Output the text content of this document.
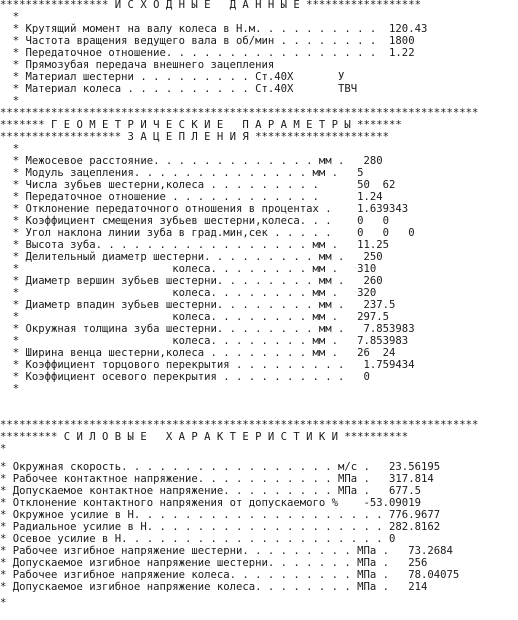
***************** И С Х О Д Н Ы Е   Д А Н Н Ы Е ******************
*
* Крутящий момент на валу колеса в Н.м. . . . . . . . . .  120.43
* Частота вращения ведущего вала в об/мин . . . . . . . .  1800
* Передаточное отношение. . . . . . . . . . . . . . . . .  1.22
* Прямозубая передача внешнего зацепления
* Материал шестерни . . . . . . . . . Ст.40Х       У
* Материал колеса . . . . . . . . . . Ст.40Х       ТВЧ
*
***************************************************************************
******* Г Е О М Е Т Р И Ч Е С К И Е   П А Р А М Е Т Р Ы *******
******************* З А Ц Е П Л Е Н И Я *********************
*
* Межосевое расстояние. . . . . . . . . . . . . мм .   280
* Модуль зацепления. . . . . . . . . . . . . . мм .   5
* Числа зубьев шестерни,колеса . . . . . . . . .      50  62
* Передаточное отношение . . . . . . . . . . . .      1.24
* Отклонение передаточного отношения в процентах .    1.639343
* Коэффициент смещения зубьев шестерни,колеса. . .    0   0
* Угол наклона линии зуба в град.мин,сек . . . . .    0   0   0
* Высота зуба. . . . . . . . . . . . . . . . . мм .   11.25
* Делительный диаметр шестерни. . . . . . . . . мм .   250
*                        колеса. . . . . . . . мм .   310
* Диаметр вершин зубьев шестерни. . . . . . . . мм .   260
*                        колеса. . . . . . . . мм .   320
* Диаметр впадин зубьев шестерни. . . . . . . . мм .   237.5
*                        колеса. . . . . . . . мм .   297.5
* Окружная толщина зуба шестерни. . . . . . . . мм .   7.853983
*                        колеса. . . . . . . . мм .   7.853983
* Ширина венца шестерни,колеса . . . . . . . . мм .   26  24
* Коэффициент торцового перекрытия . . . . . . . . .   1.759434
* Коэффициент осевого перекрытия . . . . . . . . . .   0
*
***************************************************************************
********* С И Л О В Ы Е   Х А Р А К Т Е Р И С Т И К И **********
*
* Окружная скорость. . . . . . . . . . . . . . . . . м/с .   23.56195
* Рабочее контактное напряжение. . . . . . . . . . . МПа .   317.814
* Допускаемое контактное напряжение. . . . . . . . . МПа .   677.5
* Отклонение контактного напряжения от допускаемого %    -53.09019
* Окружное усилие в Н. . . . . . . . . . . . . . . . . . . . 776.9677
* Радиальное усилие в Н. . . . . . . . . . . . . . . . . . . 282.8162
* Осевое усилие в Н. . . . . . . . . . . . . . . . . . . . . 0
* Рабочее изгибное напряжение шестерни. . . . . . . . . МПа .   73.2684
* Допускаемое изгибное напряжение шестерни. . . . . . . МПа .   256
* Рабочее изгибное напряжение колеса. . . . . . . . . . МПа .   78.04075
* Допускаемое изгибное напряжение колеса. . . . . . . . МПа .   214
*
